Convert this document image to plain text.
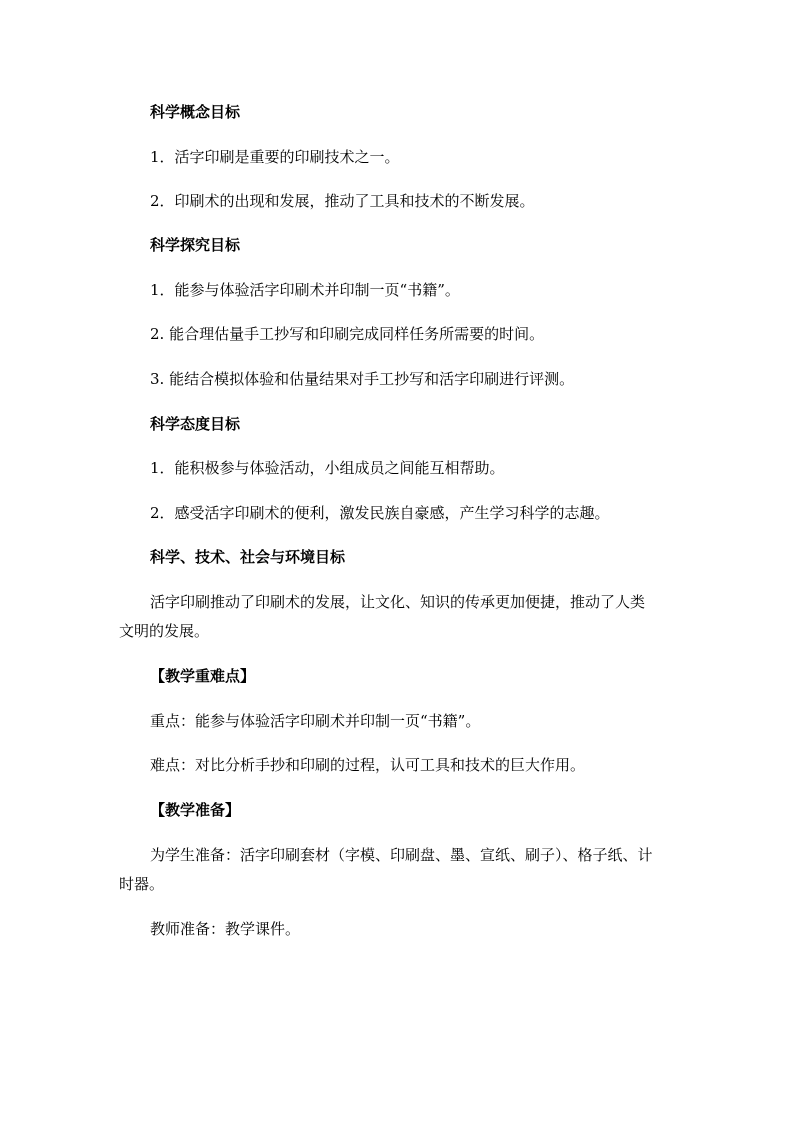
科学概念目标
1．活字印刷是重要的印刷技术之一。
2．印刷术的出现和发展，推动了工具和技术的不断发展。
科学探究目标
1．能参与体验活字印刷术并印制一页“书籍”。
2. 能合理估量手工抄写和印刷完成同样任务所需要的时间。
3. 能结合模拟体验和估量结果对手工抄写和活字印刷进行评测。
科学态度目标
1．能积极参与体验活动，小组成员之间能互相帮助。
2．感受活字印刷术的便利，激发民族自豪感，产生学习科学的志趣。
科学、技术、社会与环境目标
活字印刷推动了印刷术的发展，让文化、知识的传承更加便捷，推动了人类文明的发展。
【教学重难点】
重点：能参与体验活字印刷术并印制一页“书籍”。
难点：对比分析手抄和印刷的过程，认可工具和技术的巨大作用。
【教学准备】
为学生准备：活字印刷套材（字模、印刷盘、墨、宣纸、刷子）、格子纸、计时器。
教师准备：教学课件。
